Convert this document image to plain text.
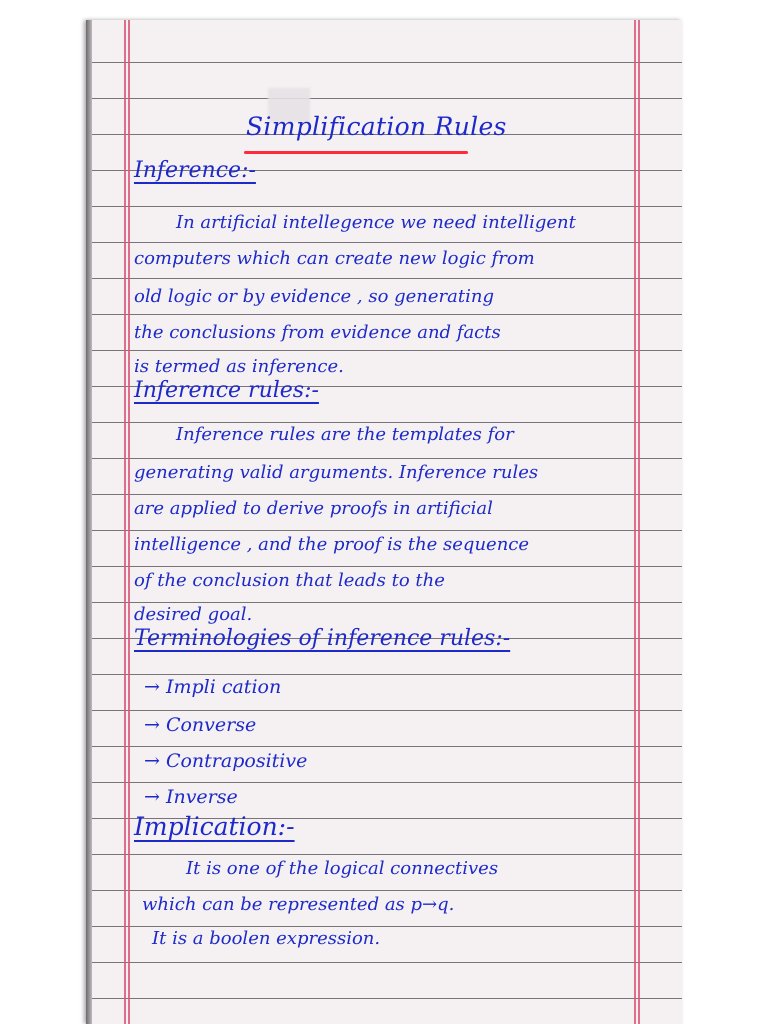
Simplification Rules

Inference:-

In artificial intellegence we need intelligent

computers which can create new logic from

old logic or by evidence , so generating

the conclusions from evidence and facts

is termed as inference.

Inference rules:-

Inference rules are the templates for

generating valid arguments. Inference rules

are applied to derive proofs in artificial

intelligence , and the proof is the sequence

of the conclusion that leads to the

desired goal.

Terminologies of inference rules:-

→ Impli cation

→ Converse

→ Contrapositive

→ Inverse

Implication:-

It is one of the logical connectives

which can be represented as p→q.

It is a boolen expression.
